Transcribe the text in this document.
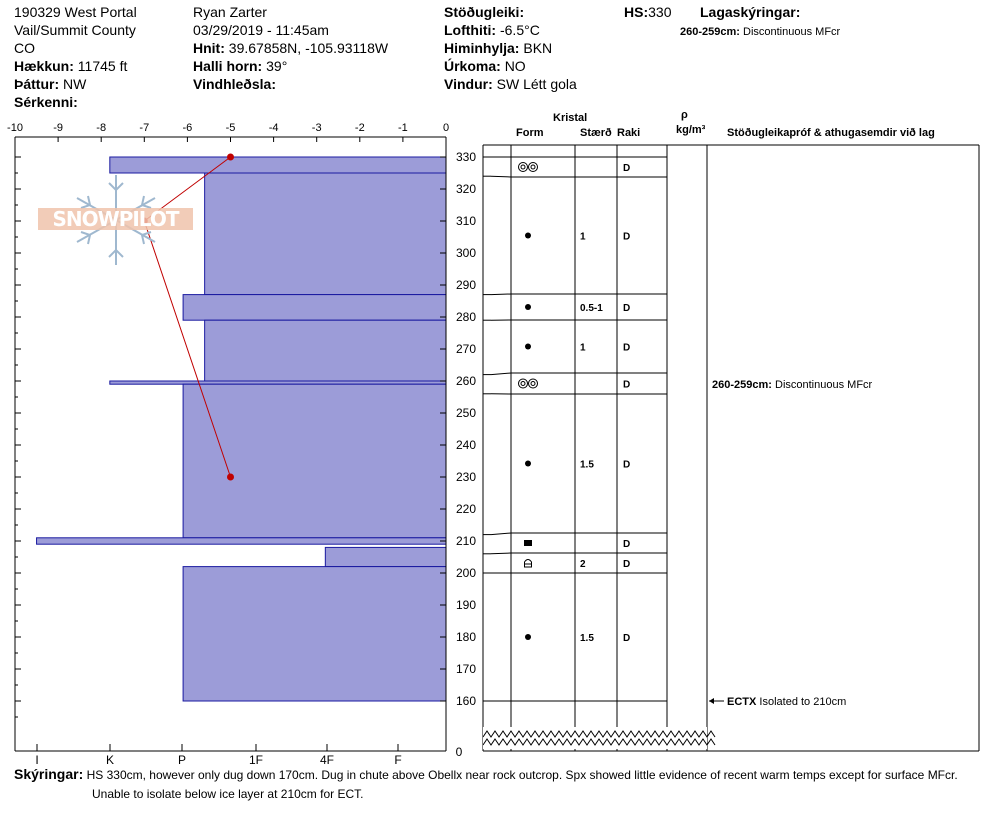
190329 West Portal
Vail/Summit County
CO
Hækkun: 11745 ft
Þáttur: NW
Sérkenni:
Ryan Zarter
03/29/2019 - 11:45am
Hnit: 39.67858N, -105.93118W
Halli horn: 39°
Vindhleðsla:
Stöðugleiki:
Lofthiti: -6.5°C
Himinhylja: BKN
Úrkoma: NO
Vindur: SW Létt gola
HS:330 Lagaskýringar:
260-259cm: Discontinuous MFcr
Kristal
Form	Stærð Raki
ρ
kg/m³ Stöðugleikapróf & athugasemdir við lag
-10	-9	-8	-7	-6	-5	-4	-3	-2	-1	0
330
320
310
300
290
280
270
260
250
240
230
220
210
200
190
180
170
160
0
I	K	P	1F	4F	F
D
1	D
0.5-1 D
1	D
D
1.5	D
D
2	D
1.5	D
260-259cm: Discontinuous MFcr
ECTX Isolated to 210cm
SNOWPILOT
Skýringar: HS 330cm, however only dug down 170cm. Dug in chute above Obellx near rock outcrop. Spx showed little evidence of recent warm temps except for surface MFcr.
Unable to isolate below ice layer at 210cm for ECT.
